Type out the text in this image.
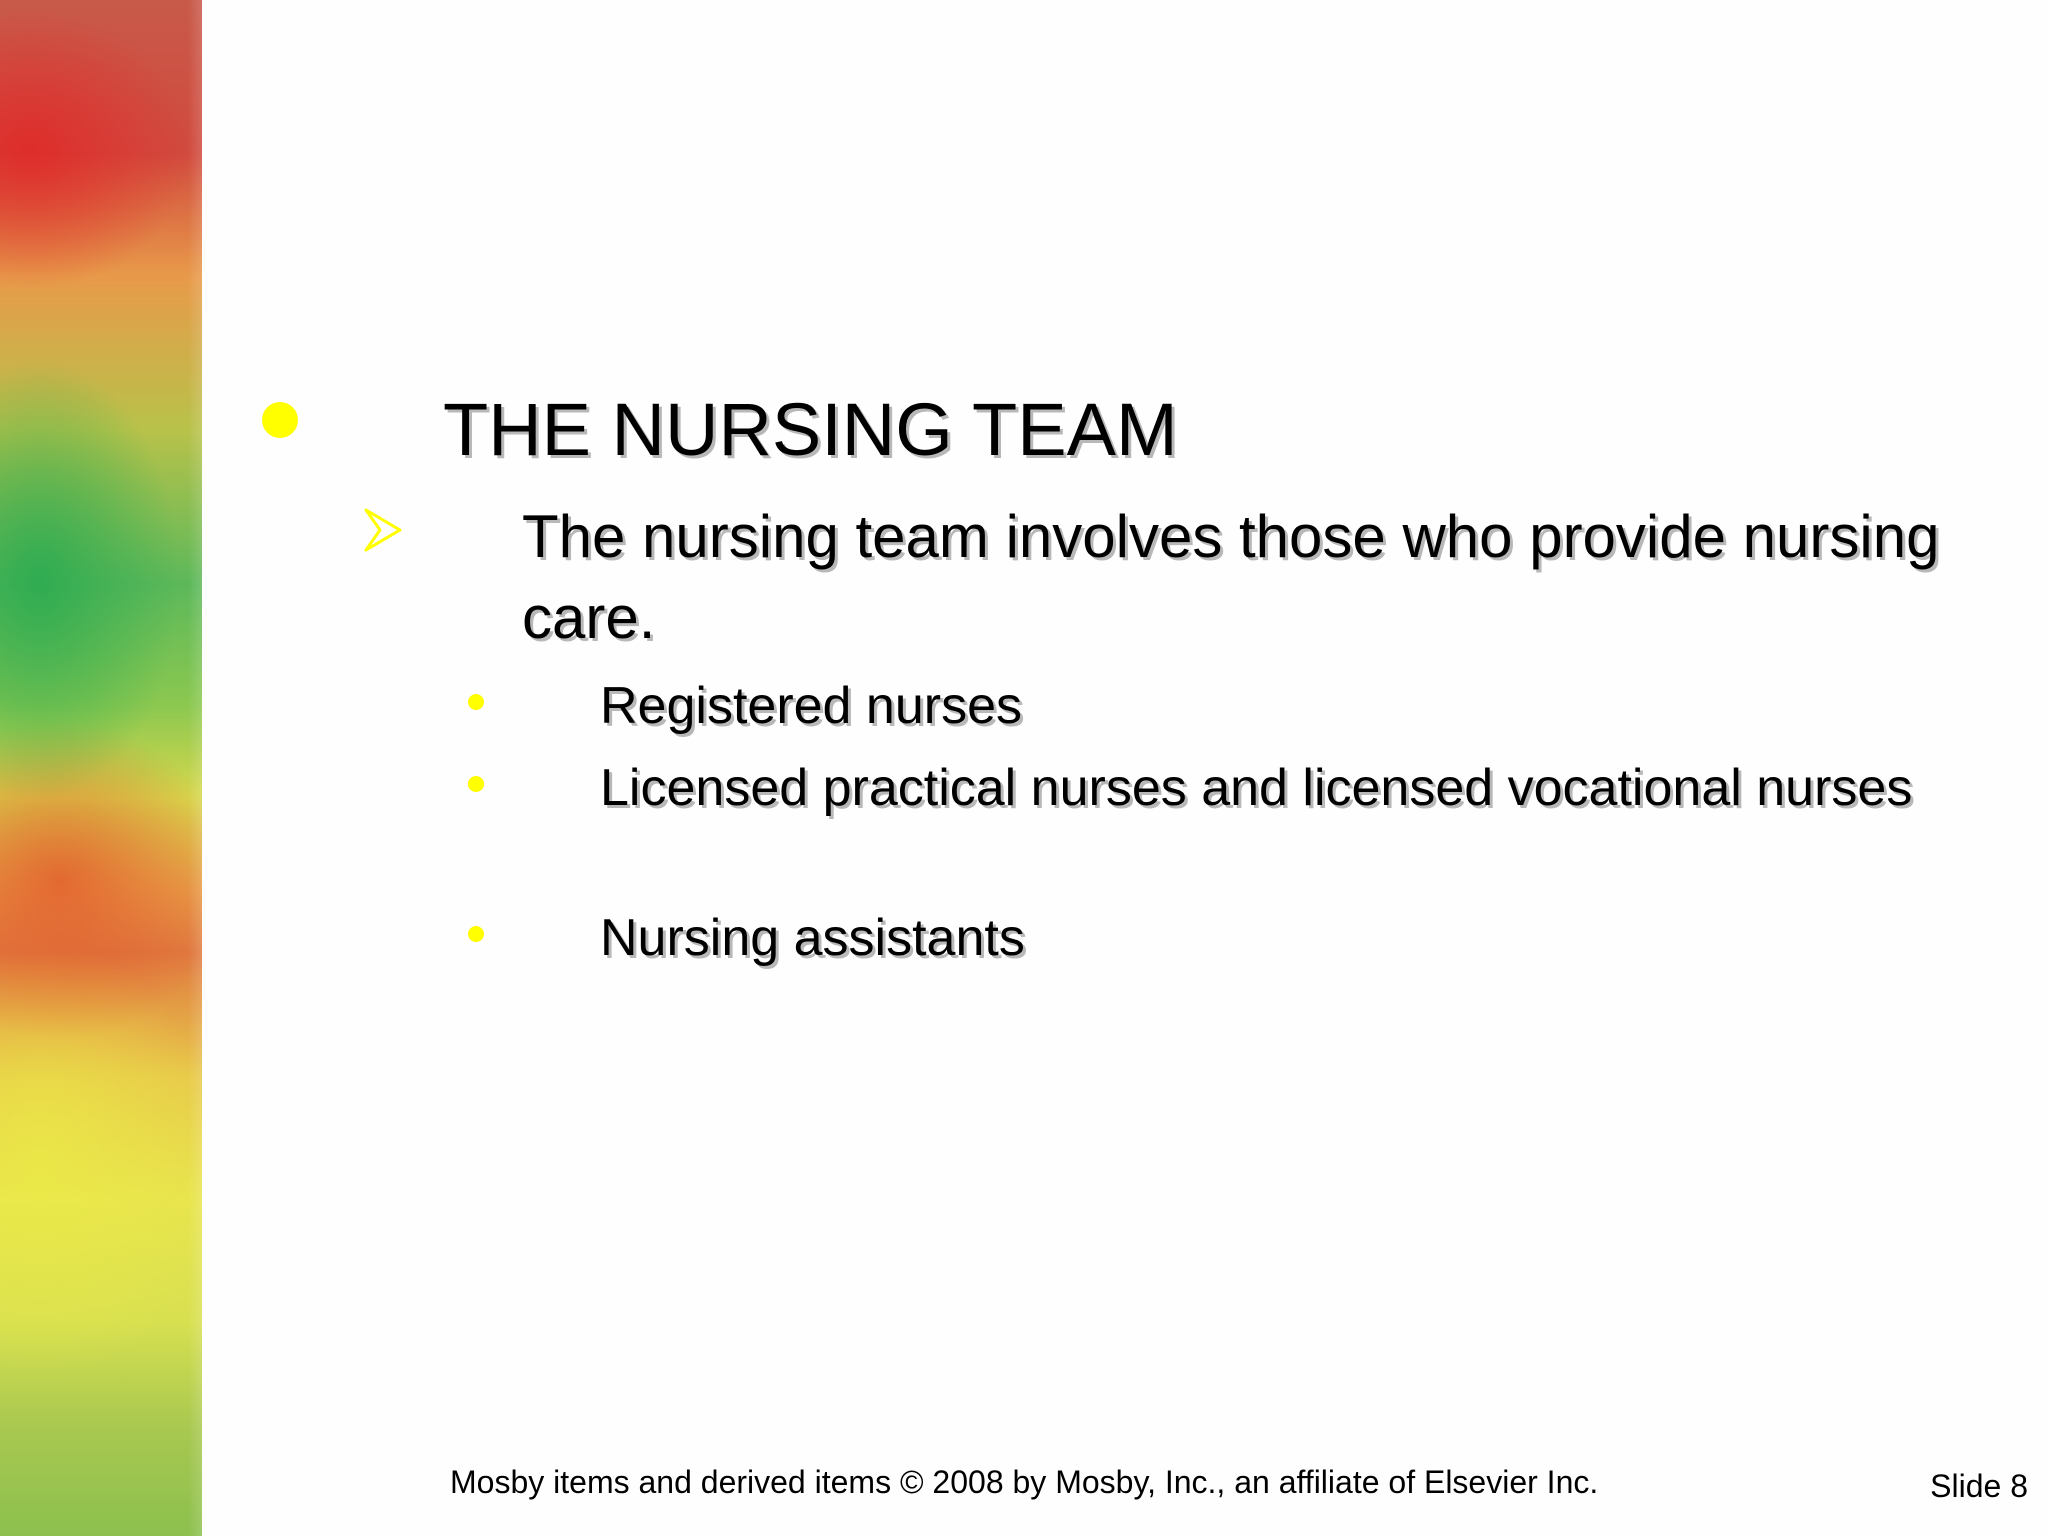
THE NURSING TEAM
The nursing team involves those who provide nursing care.
Registered nurses
Licensed practical nurses and licensed vocational nurses
Nursing assistants
Mosby items and derived items © 2008 by Mosby, Inc., an affiliate of Elsevier Inc.	Slide 8
